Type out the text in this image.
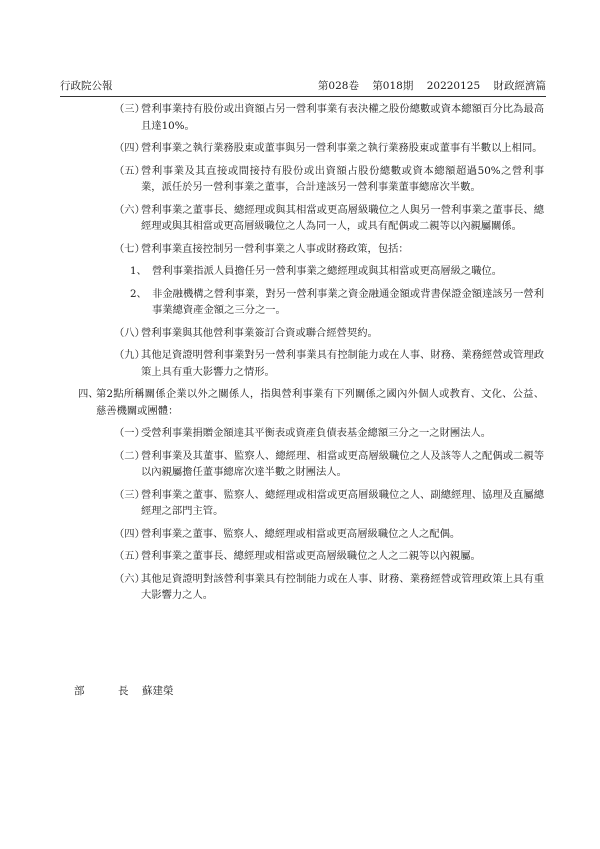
行政院公報	第028卷 第018期 20220125 財政經濟篇
（三）
營利事業持有股份或出資額占另一營利事業有表決權之股份總數或資本總額百分比為最高且達10%。
（四）
營利事業之執行業務股東或董事與另一營利事業之執行業務股東或董事有半數以上相同。
（五）
營利事業及其直接或間接持有股份或出資額占股份總數或資本總額超過50%之營利事業，派任於另一營利事業之董事，合計達該另一營利事業董事總席次半數。
（六）
營利事業之董事長、總經理或與其相當或更高層級職位之人與另一營利事業之董事長、總經理或與其相當或更高層級職位之人為同一人，或具有配偶或二親等以內親屬關係。
（七）
營利事業直接控制另一營利事業之人事或財務政策，包括：
1、 營利事業指派人員擔任另一營利事業之總經理或與其相當或更高層級之職位。
2、 非金融機構之營利事業，對另一營利事業之資金融通金額或背書保證金額達該另一營利事業總資產金額之三分之一。
（八）
營利事業與其他營利事業簽訂合資或聯合經營契約。
（九）
其他足資證明營利事業對另一營利事業具有控制能力或在人事、財務、業務經營或管理政策上具有重大影響力之情形。
四、
第2點所稱關係企業以外之關係人，指與營利事業有下列關係之國內外個人或教育、文化、公益、慈善機關或團體：
（一）
受營利事業捐贈金額達其平衡表或資產負債表基金總額三分之一之財團法人。
（二）
營利事業及其董事、監察人、總經理、相當或更高層級職位之人及該等人之配偶或二親等以內親屬擔任董事總席次達半數之財團法人。
（三）
營利事業之董事、監察人、總經理或相當或更高層級職位之人、副總經理、協理及直屬總經理之部門主管。
（四）
營利事業之董事、監察人、總經理或相當或更高層級職位之人之配偶。
（五）
營利事業之董事長、總經理或相當或更高層級職位之人之二親等以內親屬。
（六）
其他足資證明對該營利事業具有控制能力或在人事、財務、業務經營或管理政策上具有重大影響力之人。
部	長	蘇建榮
